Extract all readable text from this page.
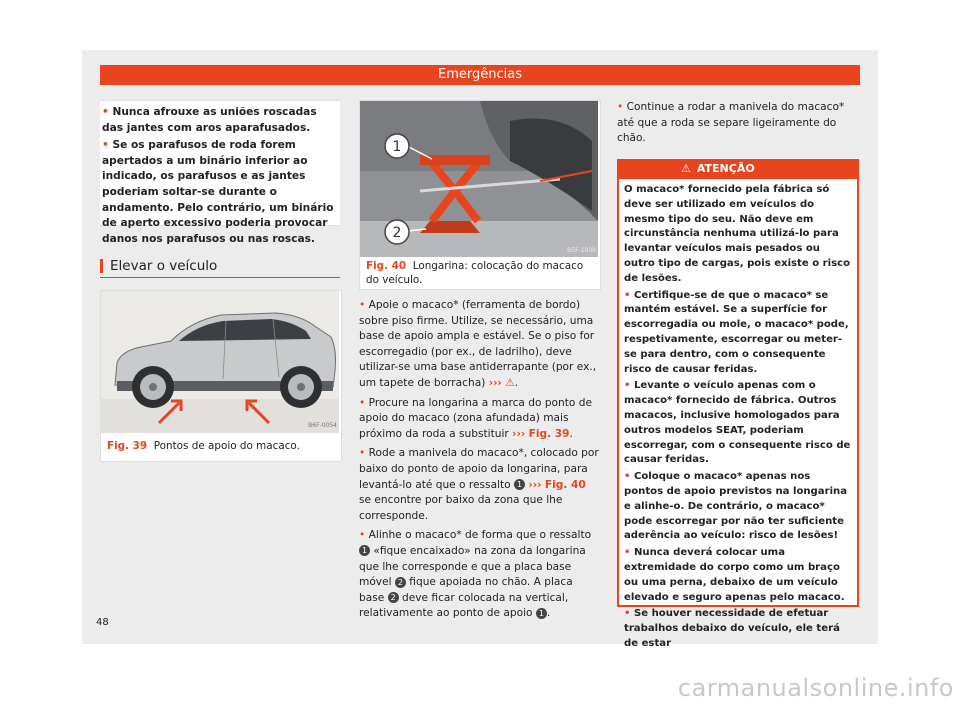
Emergências

• Nunca afrouxe as uniões roscadas das jantes com aros aparafusados.

• Se os parafusos de roda forem apertados a um binário inferior ao indicado, os parafusos e as jantes poderiam soltar-se durante o andamento. Pelo contrário, um binário de aperto excessivo poderia provocar danos nos parafusos ou nas roscas.

Elevar o veículo
B6F-0054
Fig. 39 Pontos de apoio do macaco.
1
2
B5F-1030
Fig. 40 Longarina: colocação do macaco do veículo.

• Apoie o macaco* (ferramenta de bordo) sobre piso firme. Utilize, se necessário, uma base de apoio ampla e estável. Se o piso for escorregadio (por ex., de ladrilho), deve utilizar-se uma base antiderrapante (por ex., um tapete de borracha) ››› ⚠.

• Procure na longarina a marca do ponto de apoio do macaco (zona afundada) mais próximo da roda a substituir ››› Fig. 39.

• Rode a manivela do macaco*, colocado por baixo do ponto de apoio da longarina, para levantá-lo até que o ressalto 1 ››› Fig. 40 se encontre por baixo da zona que lhe corresponde.

• Alinhe o macaco* de forma que o ressalto 1 «fique encaixado» na zona da longarina que lhe corresponde e que a placa base móvel 2 fique apoiada no chão. A placa base 2 deve ficar colocada na vertical, relativamente ao ponto de apoio 1 .

• Continue a rodar a manivela do macaco* até que a roda se separe ligeiramente do chão.

⚠ ATENÇÃO

O macaco* fornecido pela fábrica só deve ser utilizado em veículos do mesmo tipo do seu. Não deve em circunstância nenhuma utilizá-lo para levantar veículos mais pesados ou outro tipo de cargas, pois existe o risco de lesões.

• Certifique-se de que o macaco* se mantém estável. Se a superfície for escorregadia ou mole, o macaco* pode, respetivamente, escorregar ou meter-se para dentro, com o consequente risco de causar feridas.

• Levante o veículo apenas com o macaco* fornecido de fábrica. Outros macacos, inclusive homologados para outros modelos SEAT, poderiam escorregar, com o consequente risco de causar feridas.

• Coloque o macaco* apenas nos pontos de apoio previstos na longarina e alinhe-o. De contrário, o macaco* pode escorregar por não ter suficiente aderência ao veículo: risco de lesões!

• Nunca deverá colocar uma extremidade do corpo como um braço ou uma perna, debaixo de um veículo elevado e seguro apenas pelo macaco.

• Se houver necessidade de efetuar trabalhos debaixo do veículo, ele terá de estar

48
carmanualsonline.info
